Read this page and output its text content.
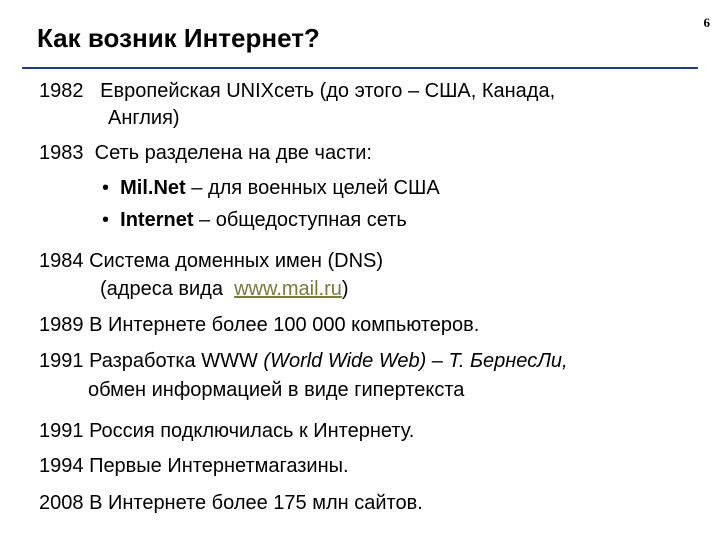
Как возник Интернет?
6
1982 Европейская UNIXсеть (до этого – США, Канада,
Англия)
1983 Сеть разделена на две части:
• Mil.Net – для военных целей США
• Internet – общедоступная сеть
1984 Система доменных имен (DNS)
(адреса вида  www.mail.ru)
1989 В Интернете более 100 000 компьютеров.
1991 Разработка WWW (World Wide Web) – Т. БернесЛи,
обмен информацией в виде гипертекста
1991 Россия подключилась к Интернету.
1994 Первые Интернетмагазины.
2008 В Интернете более 175 млн сайтов.
